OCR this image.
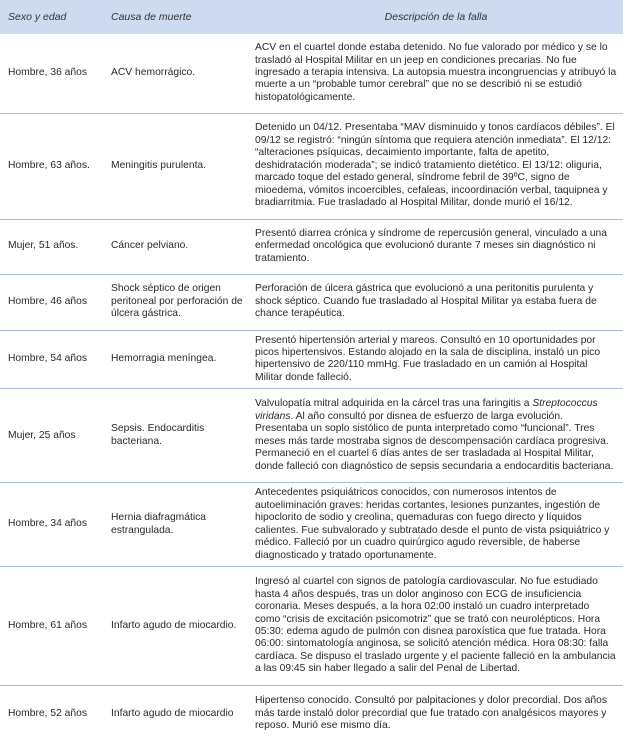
Sexo y edad	Causa de muerte	Descripción de la falla
Hombre, 36 años	ACV hemorrágico.	ACV en el cuartel donde estaba detenido. No fue valorado por médico y se lo trasladó al Hospital Militar en un jeep en condiciones precarias. No fue ingresado a terapia intensiva. La autopsia muestra incongruencias y atribuyó la muerte a un “probable tumor cerebral” que no se describió ni se estudió histopatológicamente.
Hombre, 63 años.	Meningitis purulenta.	Detenido un 04/12. Presentaba “MAV disminuido y tonos cardíacos débiles”. El 09/12 se registró: “ningún síntoma que requiera atención inmediata”. El 12/12: “alteraciones psíquicas, decaimiento importante, falta de apetito, deshidratación moderada”; se indicó tratamiento dietético. El 13/12: oliguria, marcado toque del estado general, síndrome febril de 39ºC, signo de mioedema, vómitos incoercibles, cefaleas, incoordinación verbal, taquipnea y bradiarritmia. Fue trasladado al Hospital Militar, donde murió el 16/12.
Mujer, 51 años.	Cáncer pelviano.	Presentó diarrea crónica y síndrome de repercusión general, vinculado a una enfermedad oncológica que evolucionó durante 7 meses sin diagnóstico ni tratamiento.
Hombre, 46 años	Shock séptico de origen peritoneal por perforación de úlcera gástrica.	Perforación de úlcera gástrica que evolucionó a una peritonitis purulenta y shock séptico. Cuando fue trasladado al Hospital Militar ya estaba fuera de chance terapéutica.
Hombre, 54 años	Hemorragia meníngea.	Presentó hipertensión arterial y mareos. Consultó en 10 oportunidades por picos hipertensivos. Estando alojado en la sala de disciplina, instaló un pico hipertensivo de 220/110 mmHg. Fue trasladado en un camión al Hospital Militar donde falleció.
Mujer, 25 años	Sepsis. Endocarditis bacteriana.	Valvulopatía mitral adquirida en la cárcel tras una faringitis a Streptococcus viridans. Al año consultó por disnea de esfuerzo de larga evolución. Presentaba un soplo sistólico de punta interpretado como “funcional”. Tres meses más tarde mostraba signos de descompensación cardíaca progresiva. Permaneció en el cuartel 6 días antes de ser trasladada al Hospital Militar, donde falleció con diagnóstico de sepsis secundaria a endocarditis bacteriana.
Hombre, 34 años	Hernia diafragmática estrangulada.	Antecedentes psiquiátricos conocidos, con numerosos intentos de autoeliminación graves: heridas cortantes, lesiones punzantes, ingestión de hipoclorito de sodio y creolina, quemaduras con fuego directo y líquidos calientes. Fue subvalorado y subtratado desde el punto de vista psiquiátrico y médico. Falleció por un cuadro quirúrgico agudo reversible, de haberse diagnosticado y tratado oportunamente.
Hombre, 61 años	Infarto agudo de miocardio.	Ingresó al cuartel con signos de patología cardiovascular. No fue estudiado hasta 4 años después, tras un dolor anginoso con ECG de insuficiencia coronaria. Meses después, a la hora 02:00 instaló un cuadro interpretado como “crisis de excitación psicomotriz” que se trató con neurolépticos. Hora 05:30: edema agudo de pulmón con disnea paroxística que fue tratada. Hora 06:00: sintomatología anginosa, se solicitó atención médica. Hora 08:30: falla cardíaca. Se dispuso el traslado urgente y el paciente falleció en la ambulancia a las 09:45 sin haber llegado a salir del Penal de Libertad.
Hombre, 52 años	Infarto agudo de miocardio	Hipertenso conocido. Consultó por palpitaciones y dolor precordial. Dos años más tarde instaló dolor precordial que fue tratado con analgésicos mayores y reposo. Murió ese mismo día.
